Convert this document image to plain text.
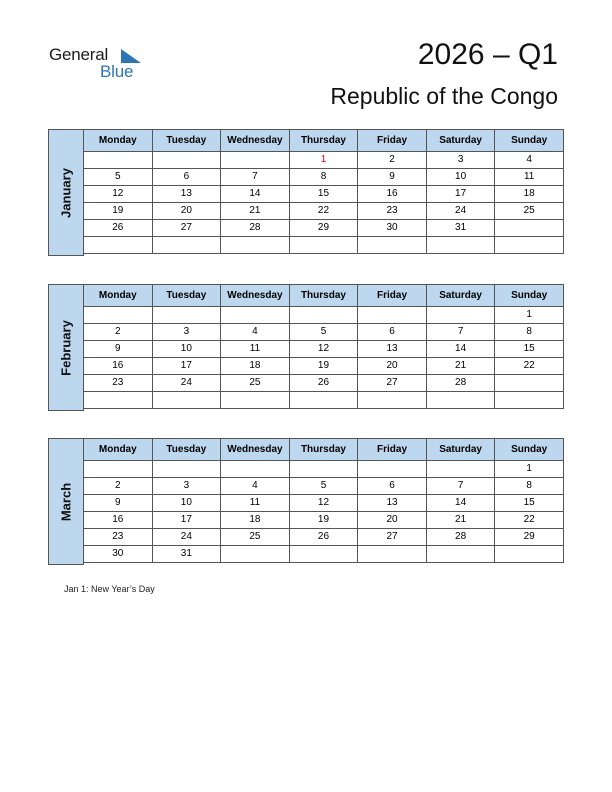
General
Blue
2026 – Q1
Republic of the Congo
January
Monday	Tuesday	Wednesday	Thursday	Friday	Saturday	Sunday
			1	2	3	4
5	6	7	8	9	10	11
12	13	14	15	16	17	18
19	20	21	22	23	24	25
26	27	28	29	30	31	

February
Monday	Tuesday	Wednesday	Thursday	Friday	Saturday	Sunday
						1
2	3	4	5	6	7	8
9	10	11	12	13	14	15
16	17	18	19	20	21	22
23	24	25	26	27	28	

March
Monday	Tuesday	Wednesday	Thursday	Friday	Saturday	Sunday
						1
2	3	4	5	6	7	8
9	10	11	12	13	14	15
16	17	18	19	20	21	22
23	24	25	26	27	28	29
30	31					
Jan 1: New Year’s Day
